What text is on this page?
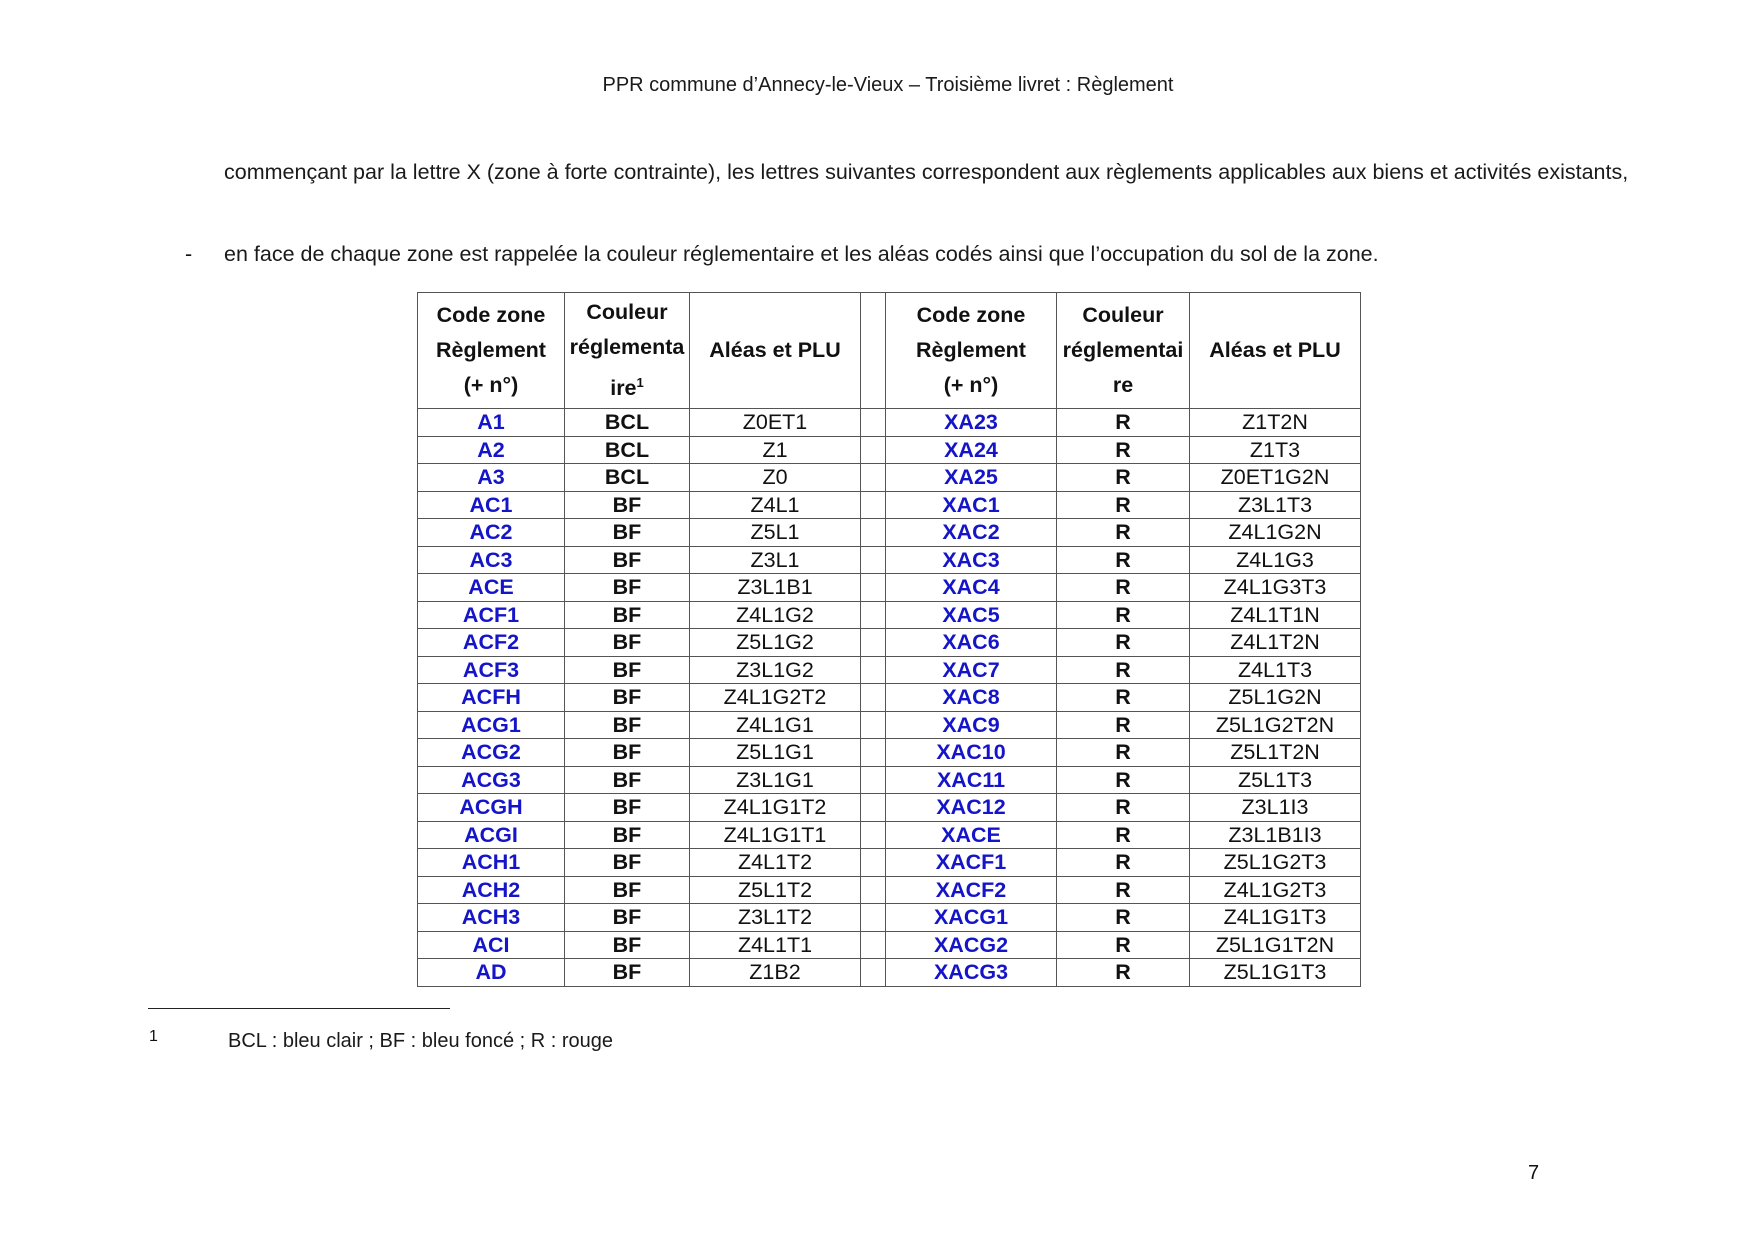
PPR commune d’Annecy-le-Vieux – Troisième livret : Règlement
commençant par la lettre X (zone à forte contrainte), les lettres suivantes correspondent aux règlements applicables aux biens et activités existants,
- en face de chaque zone est rappelée la couleur réglementaire et les aléas codés ainsi que l’occupation du sol de la zone.
Code zone
Règlement
(+ n°)	Couleur
réglementa
ire$^1$	Aléas et PLU		Code zone
Règlement
(+ n°)	Couleur
réglementai
re	Aléas et PLU
A1	BCL	Z0ET1		XA23	R	Z1T2N
A2	BCL	Z1		XA24	R	Z1T3
A3	BCL	Z0		XA25	R	Z0ET1G2N
AC1	BF	Z4L1		XAC1	R	Z3L1T3
AC2	BF	Z5L1		XAC2	R	Z4L1G2N
AC3	BF	Z3L1		XAC3	R	Z4L1G3
ACE	BF	Z3L1B1		XAC4	R	Z4L1G3T3
ACF1	BF	Z4L1G2		XAC5	R	Z4L1T1N
ACF2	BF	Z5L1G2		XAC6	R	Z4L1T2N
ACF3	BF	Z3L1G2		XAC7	R	Z4L1T3
ACFH	BF	Z4L1G2T2		XAC8	R	Z5L1G2N
ACG1	BF	Z4L1G1		XAC9	R	Z5L1G2T2N
ACG2	BF	Z5L1G1		XAC10	R	Z5L1T2N
ACG3	BF	Z3L1G1		XAC11	R	Z5L1T3
ACGH	BF	Z4L1G1T2		XAC12	R	Z3L1I3
ACGI	BF	Z4L1G1T1		XACE	R	Z3L1B1I3
ACH1	BF	Z4L1T2		XACF1	R	Z5L1G2T3
ACH2	BF	Z5L1T2		XACF2	R	Z4L1G2T3
ACH3	BF	Z3L1T2		XACG1	R	Z4L1G1T3
ACI	BF	Z4L1T1		XACG2	R	Z5L1G1T2N
AD	BF	Z1B2		XACG3	R	Z5L1G1T3
1	BCL : bleu clair ; BF : bleu foncé ; R : rouge
7
